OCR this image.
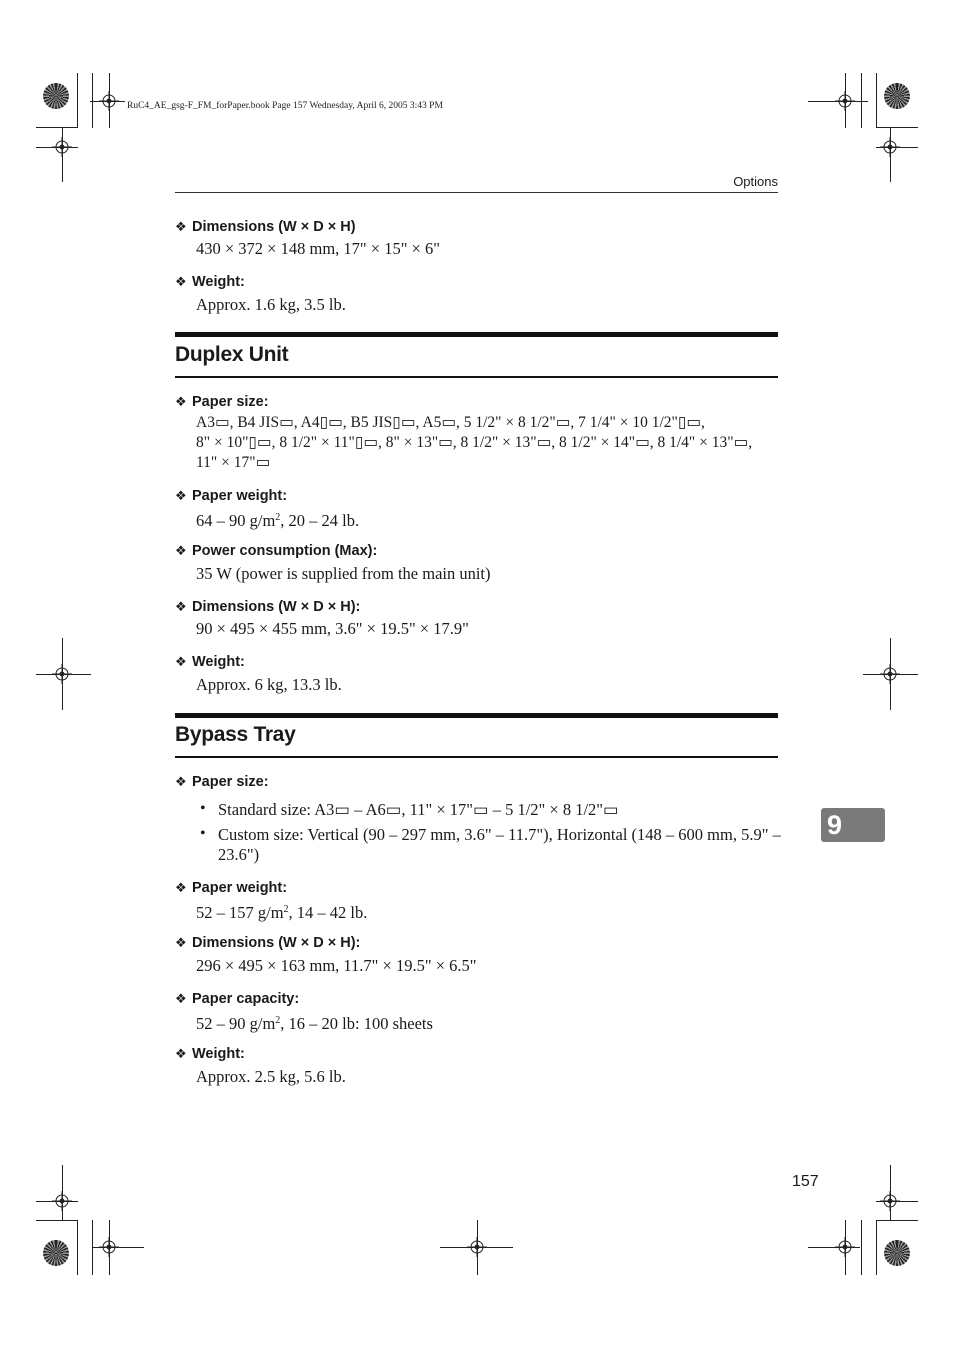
RuC4_AE_gsg-F_FM_forPaper.book Page 157 Wednesday, April 6, 2005 3:43 PM
Options
❖ Dimensions (W × D × H)
430 × 372 × 148 mm, 17" × 15" × 6"
❖ Weight:
Approx. 1.6 kg, 3.5 lb.
Duplex Unit
❖ Paper size:
A3▭, B4 JIS▭, A4▯▭, B5 JIS▯▭, A5▭, 5 1/2" × 8 1/2"▭, 7 1/4" × 10 1/2"▯▭,
8" × 10"▯▭, 8 1/2" × 11"▯▭, 8" × 13"▭, 8 1/2" × 13"▭, 8 1/2" × 14"▭, 8 1/4" × 13"▭,
11" × 17"▭
❖ Paper weight:
64 – 90 $g/m^2$, 20 – 24 lb.
❖ Power consumption (Max):
35 W (power is supplied from the main unit)
❖ Dimensions (W × D × H):
90 × 495 × 455 mm, 3.6" × 19.5" × 17.9"
❖ Weight:
Approx. 6 kg, 13.3 lb.
Bypass Tray
❖ Paper size:
• Standard size: A3▭ – A6▭, 11" × 17"▭ – 5 1/2" × 8 1/2"▭
• Custom size: Vertical (90 – 297 mm, 3.6" – 11.7"), Horizontal (148 – 600 mm, 5.9" – 23.6")
❖ Paper weight:
52 – 157 $g/m^2$, 14 – 42 lb.
❖ Dimensions (W × D × H):
296 × 495 × 163 mm, 11.7" × 19.5" × 6.5"
❖ Paper capacity:
52 – 90 $g/m^2$, 16 – 20 lb: 100 sheets
❖ Weight:
Approx. 2.5 kg, 5.6 lb.
9
157
